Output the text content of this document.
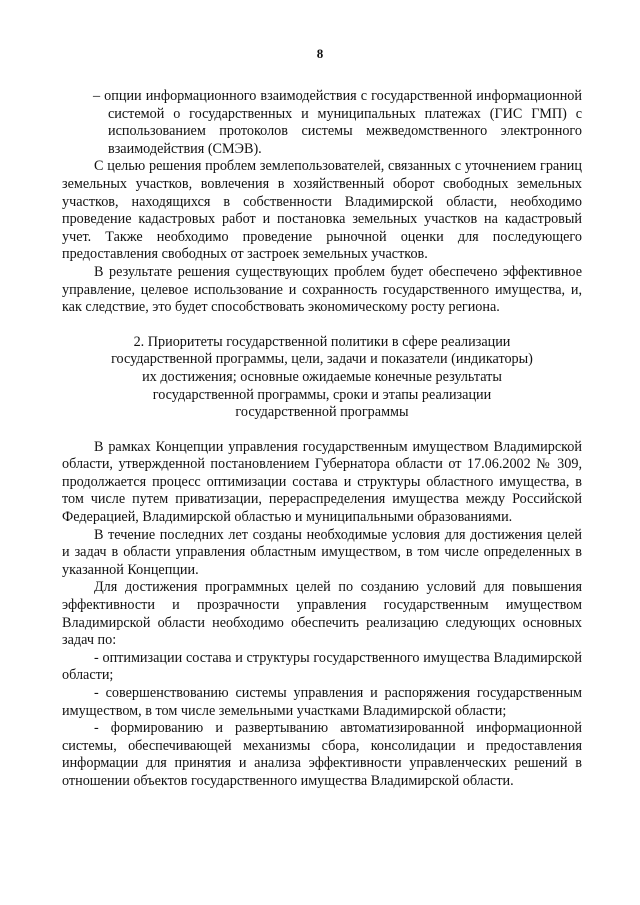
8

– опции информационного взаимодействия с государственной информационной системой о государственных и муниципальных платежах (ГИС ГМП) с использованием протоколов системы межведомственного электронного взаимодействия (СМЭВ).

С целью решения проблем землепользователей, связанных с уточнением границ земельных участков, вовлечения в хозяйственный оборот свободных земельных участков, находящихся в собственности Владимирской области, необходимо проведение кадастровых работ и постановка земельных участков на кадастровый учет. Также необходимо проведение рыночной оценки для последующего предоставления свободных от застроек земельных участков.

В результате решения существующих проблем будет обеспечено эффективное управление, целевое использование и сохранность государственного имущества, и, как следствие, это будет способствовать экономическому росту региона.

2. Приоритеты государственной политики в сфере реализации государственной программы, цели, задачи и показатели (индикаторы) их достижения; основные ожидаемые конечные результаты государственной программы, сроки и этапы реализации государственной программы

В рамках Концепции управления государственным имуществом Владимирской области, утвержденной постановлением Губернатора области от 17.06.2002 № 309, продолжается процесс оптимизации состава и структуры областного имущества, в том числе путем приватизации, перераспределения имущества между Российской Федерацией, Владимирской областью и муниципальными образованиями.

В течение последних лет созданы необходимые условия для достижения целей и задач в области управления областным имуществом, в том числе определенных в указанной Концепции.

Для достижения программных целей по созданию условий для повышения эффективности и прозрачности управления государственным имуществом Владимирской области необходимо обеспечить реализацию следующих основных задач по:

- оптимизации состава и структуры государственного имущества Владимирской области;

- совершенствованию системы управления и распоряжения государственным имуществом, в том числе земельными участками Владимирской области;

- формированию и развертыванию автоматизированной информационной системы, обеспечивающей механизмы сбора, консолидации и предоставления информации для принятия и анализа эффективности управленческих решений в отношении объектов государственного имущества Владимирской области.
